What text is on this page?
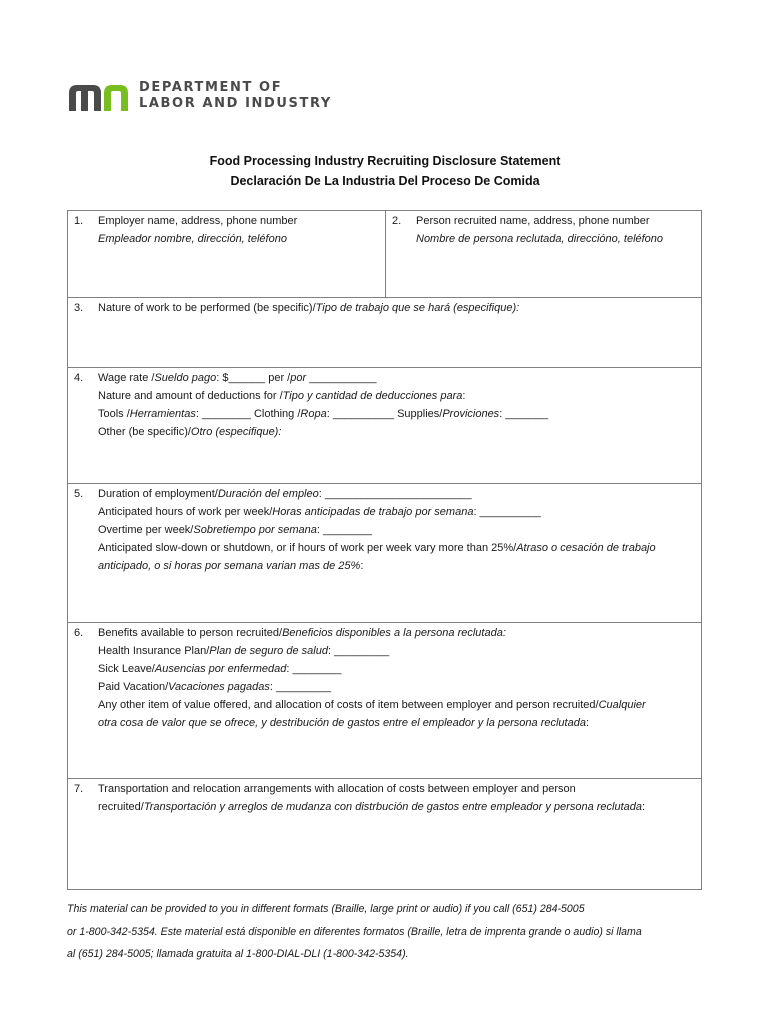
DEPARTMENT OF
LABOR AND INDUSTRY
Food Processing Industry Recruiting Disclosure Statement
Declaración De La Industria Del Proceso De Comida
1. Employer name, address, phone number
Empleador nombre, dirección, teléfono
2. Person recruited name, address, phone number
Nombre de persona reclutada, direccióno, teléfono
3. Nature of work to be performed (be specific)/Tipo de trabajo que se hará (especifique):
4. Wage rate /Sueldo pago: $______ per /por ___________
Nature and amount of deductions for /Tipo y cantidad de deducciones para:
Tools /Herramientas: ________ Clothing /Ropa: __________ Supplies/Proviciones: _______
Other (be specific)/Otro (especifique):
5. Duration of employment/Duración del empleo: ________________________
Anticipated hours of work per week/Horas anticipadas de trabajo por semana: __________
Overtime per week/Sobretiempo por semana: ________
Anticipated slow-down or shutdown, or if hours of work per week vary more than 25%/Atraso o cesación de trabajo
anticipado, o si horas por semana varian mas de 25%:
6. Benefits available to person recruited/Beneficios disponibles a la persona reclutada:
Health Insurance Plan/Plan de seguro de salud: _________
Sick Leave/Ausencias por enfermedad: ________
Paid Vacation/Vacaciones pagadas: _________
Any other item of value offered, and allocation of costs of item between employer and person recruited/Cualquier
otra cosa de valor que se ofrece, y destribución de gastos entre el empleador y la persona reclutada:
7. Transportation and relocation arrangements with allocation of costs between employer and person
recruited/Transportación y arreglos de mudanza con distrbución de gastos entre empleador y persona reclutada:
This material can be provided to you in different formats (Braille, large print or audio) if you call (651) 284-5005
or 1-800-342-5354. Este material está disponible en diferentes formatos (Braille, letra de imprenta grande o audio) si llama
al (651) 284-5005; llamada gratuita al 1-800-DIAL-DLI (1-800-342-5354).
